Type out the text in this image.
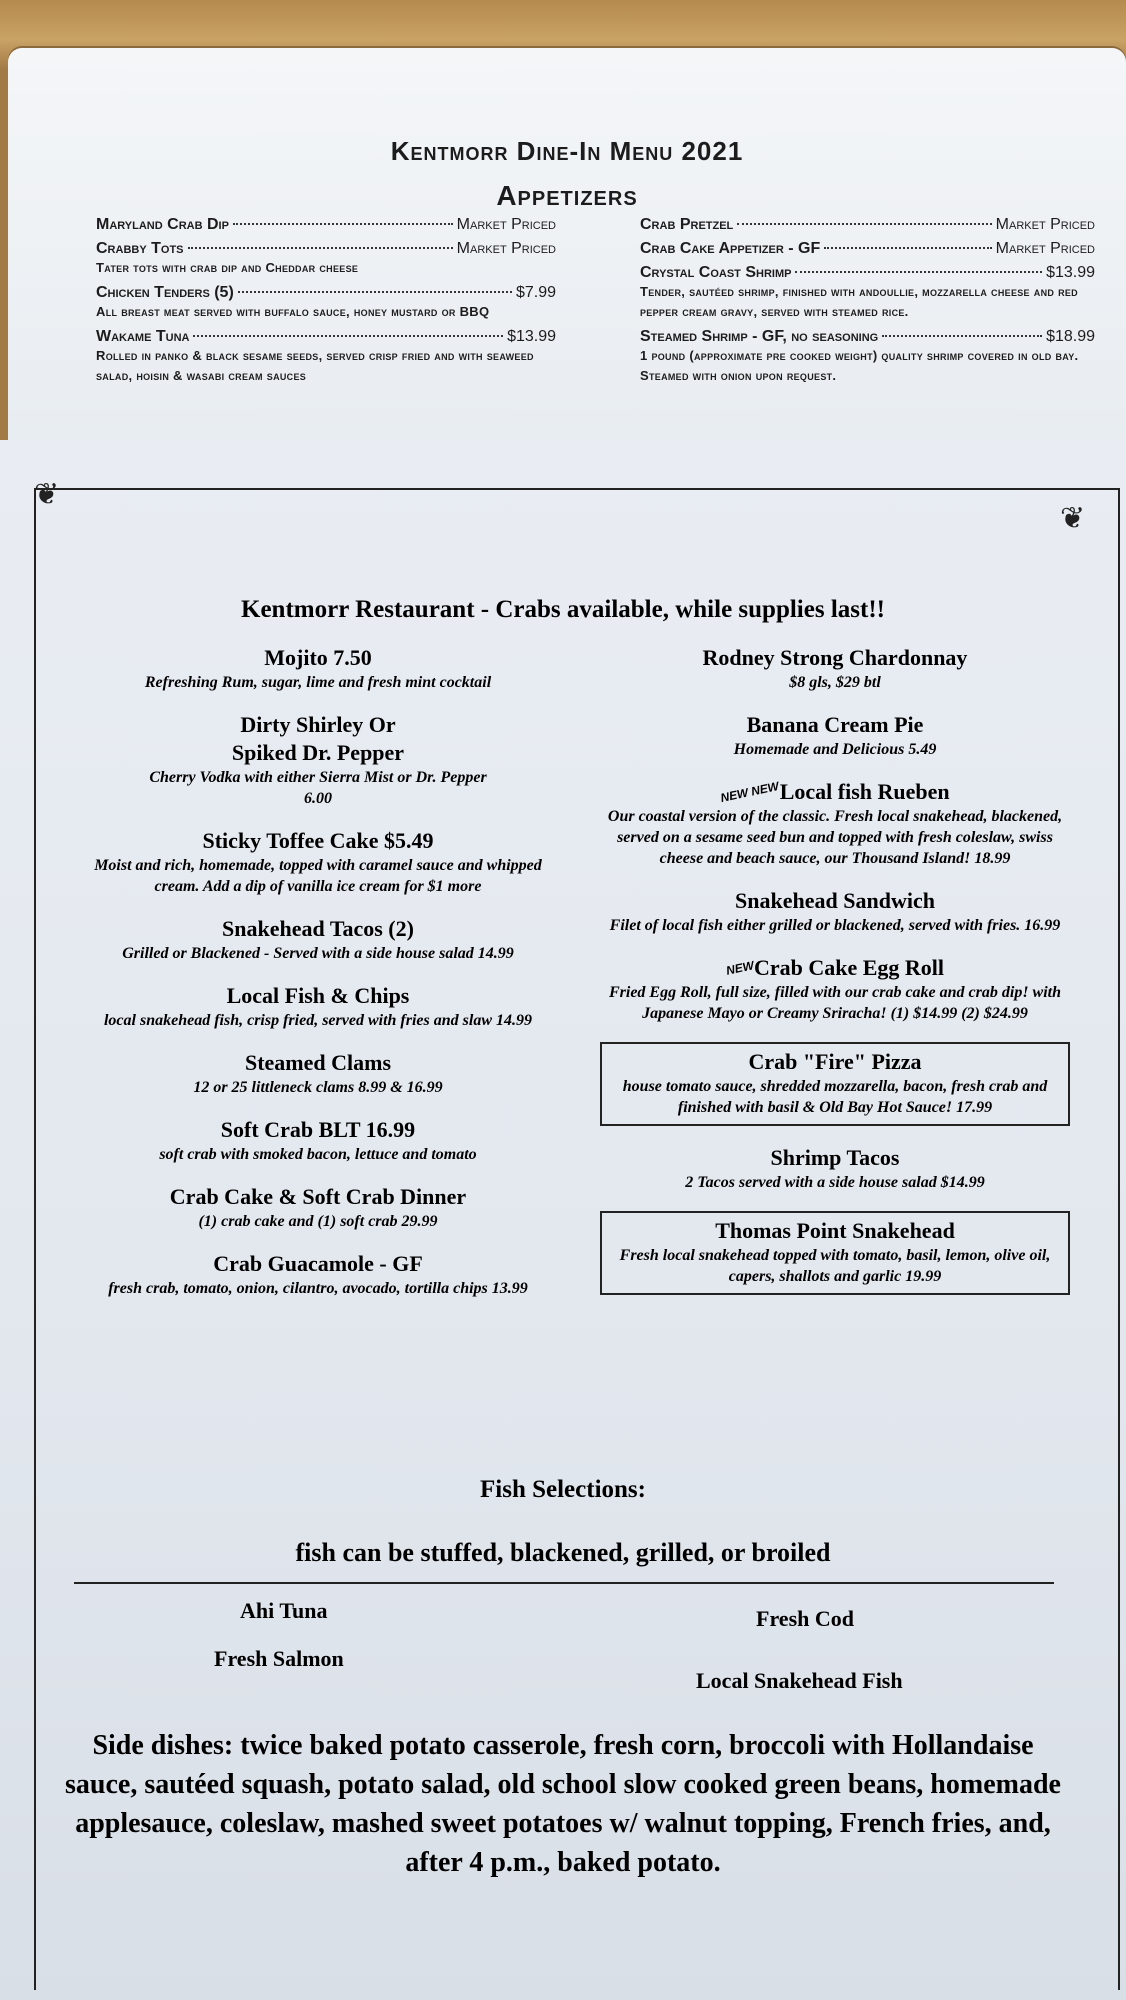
Kentmorr Dine-In Menu 2021
Appetizers
Maryland Crab Dip	Market Priced
Crabby Tots	Market Priced
Tater tots with crab dip and Cheddar cheese
Chicken Tenders (5)	$7.99
All breast meat served with buffalo sauce, honey mustard or BBQ
Wakame Tuna	$13.99
Rolled in panko & black sesame seeds, served crisp fried and with seaweed salad, hoisin & wasabi cream sauces
Crab Pretzel	Market Priced
Crab Cake Appetizer - GF	Market Priced
Crystal Coast Shrimp	$13.99
Tender, sautéed shrimp, finished with andoullie, mozzarella cheese and red pepper cream gravy, served with steamed rice.
Steamed Shrimp - GF, no seasoning	$18.99
1 pound (approximate pre cooked weight) quality shrimp covered in old bay. Steamed with onion upon request.
❦
❦
Kentmorr Restaurant - Crabs available, while supplies last!!
Mojito 7.50
Refreshing Rum, sugar, lime and fresh mint cocktail
Dirty Shirley Or
Spiked Dr. Pepper
Cherry Vodka with either Sierra Mist or Dr. Pepper
6.00
Sticky Toffee Cake $5.49
Moist and rich, homemade, topped with caramel sauce and whipped cream. Add a dip of vanilla ice cream for $1 more
Snakehead Tacos (2)
Grilled or Blackened - Served with a side house salad 14.99
Local Fish & Chips
local snakehead fish, crisp fried, served with fries and slaw 14.99
Steamed Clams
12 or 25 littleneck clams 8.99 & 16.99
Soft Crab BLT 16.99
soft crab with smoked bacon, lettuce and tomato
Crab Cake & Soft Crab Dinner
(1) crab cake and (1) soft crab 29.99
Crab Guacamole - GF
fresh crab, tomato, onion, cilantro, avocado, tortilla chips 13.99
Rodney Strong Chardonnay
$8 gls, $29 btl
Banana Cream Pie
Homemade and Delicious 5.49
NEW NEWLocal fish Rueben
Our coastal version of the classic. Fresh local snakehead, blackened, served on a sesame seed bun and topped with fresh coleslaw, swiss cheese and beach sauce, our Thousand Island! 18.99
Snakehead Sandwich
Filet of local fish either grilled or blackened, served with fries. 16.99
NEWCrab Cake Egg Roll
Fried Egg Roll, full size, filled with our crab cake and crab dip! with Japanese Mayo or Creamy Sriracha! (1) $14.99 (2) $24.99
Crab "Fire" Pizza
house tomato sauce, shredded mozzarella, bacon, fresh crab and finished with basil & Old Bay Hot Sauce! 17.99
Shrimp Tacos
2 Tacos served with a side house salad $14.99
Thomas Point Snakehead
Fresh local snakehead topped with tomato, basil, lemon, olive oil, capers, shallots and garlic 19.99
Fish Selections:
fish can be stuffed, blackened, grilled, or broiled
Ahi Tuna
Fresh Salmon
Fresh Cod
Local Snakehead Fish
Side dishes: twice baked potato casserole, fresh corn, broccoli with Hollandaise sauce, sautéed squash, potato salad, old school slow cooked green beans, homemade applesauce, coleslaw, mashed sweet potatoes w/ walnut topping, French fries, and, after 4 p.m., baked potato.
